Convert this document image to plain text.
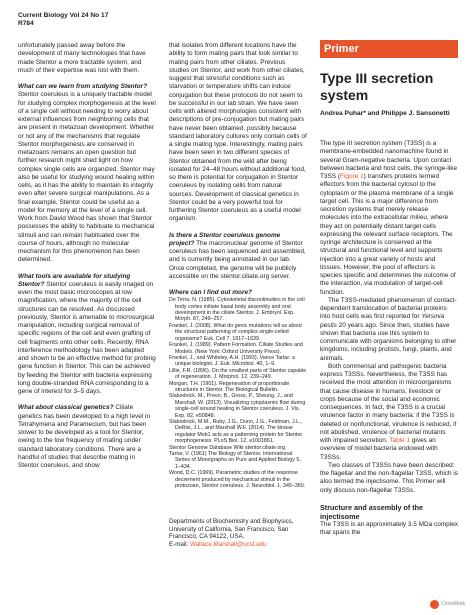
Current Biology Vol 24 No 17
R784

unfortunately passed away before the development of many technologies that have made Stentor a more tractable system, and much of their expertise was lost with them.

What can we learn from studying Stentor? Stentor coeruleus is a uniquely tractable model for studying complex morphogenesis at the level of a single cell without needing to worry about external influences from neighboring cells that are present in metazoan development. Whether or not any of the mechanisms that regulate Stentor morphogenesis are conserved in metazoans remains an open question but further research might shed light on how complex single cells are organized. Stentor may also be useful for studying wound healing within cells, as it has the ability to maintain its integrity even after severe surgical manipulations. As a final example, Stentor could be useful as a model for memory at the level of a single cell. Work from David Wood has shown that Stentor possesses the ability to habituate to mechanical stimuli and can remain habituated over the course of hours, although no molecular mechanism for this phenomenon has been determined.

What tools are available for studying Stentor? Stentor coeruleus is easily imaged on even the most basic microscopes at low magnification, where the majority of the cell structures can be resolved. As discussed previously, Stentor is amenable to microsurgical manipulation, including surgical removal of specific regions of the cell and even grafting of cell fragments onto other cells. Recently, RNA interference methodology has been adapted and shown to be an effective method for probing gene function in Stentor. This can be achieved by feeding the Stentor with bacteria expressing long double-stranded RNA corresponding to a gene of interest for 3–5 days.

What about classical genetics? Ciliate genetics has been developed to a high level in Tetrahymena and Paramecium, but has been slower to be developed as a tool for Stentor, owing to the low frequency of mating under standard laboratory conditions. There are a handful of studies that describe mating in Stentor coeruleus, and show

that isolates from different locations have the ability to form mating pairs that look similar to mating pairs from other ciliates. Previous studies on Stentor, and work from other ciliates, suggest that stressful conditions such as starvation or temperature shifts can induce conjugation but these protocols do not seem to be successful in our lab strain. We have seen cells with altered morphologies consistent with descriptions of pre-conjugation but mating pairs have never been obtained, possibly because standard laboratory cultures only contain cells of a single mating type. Interestingly, mating pairs have been seen in two different species of Stentor obtained from the wild after being isolated for 24–48 hours without additional food, so there is potential for conjugation in Stentor coeruleus by isolating cells from natural sources. Development of classical genetics in Stentor could be a very powerful tool for furthering Stentor coeruleus as a useful model organism.

Is there a Stentor coeruleus genome project? The macronuclear genome of Stentor coeruleus has been sequenced and assembled, and is currently being annotated in our lab. Once completed, the genome will be publicly accessible on the stentor.ciliate.org server.

Where can I find out more?

De Terra, N. (1985). Cytoskeletal discontinuities in the cell body cortex initiate basal body assembly and oral development in the ciliate Stentor. J. Embryol. Exp. Morph. 87, 249–257.

Frankel, J. (2008). What do genic mutations tell us about the structural patterning of complex single-celled organisms? Euk. Cell 7, 1617–1639.

Frankel, J. (1989). Pattern Formation. Ciliate Studies and Models. (New York: Oxford University Press).

Frankel, J., and Whiteley, A.H. (1993). Vance Tartar: a unique biologist. J. Euk. Microbiol. 40, 1–9.

Lillie, F.R. (1896). On the smallest parts of Stentor capable of regeneration. J. Morphol. 12, 239–249.

Morgan, T.H. (1901). Regeneration of proportionate structures in Stentor. The Biological Bulletin.

Slabodnick, M., Prevo, B., Gross, P., Sheung, J., and Marshall, W. (2013). Visualizing cytoplasmic flow during single-cell wound healing in Stentor coeruleus. J. Vis. Exp. 82, e50848.

Slabodnick, M.M., Ruby, J.G., Dunn, J.G., Feldman, J.L., DeRisi, J.L., and Marshall W.F. (2014). The kinase regulator Mob1 acts as a patterning protein for Stentor morphogenesis. PLoS Biol. 12, e1001861.

Stentor Genome Database Wiki stentor.ciliate.org.

Tartar, V. (1961) The Biology of Stentor. International Series of Monographs on Pure and Applied Biology 5, 1–434.

Wood, D.C. (1969). Parametric studies of the response decrement produced by mechanical stimuli in the protozoan, Stentor coeruleus. J. Neurobiol. 1, 345–360.

Departments of Biochemistry and Biophysics,
University of California, San Francisco, San
Francisco, CA 94122, USA.
E-mail: Wallace.Marshall@ucsf.edu
Primer
Type III secretion system
Andrea Puhar* and Philippe J. Sansonetti

The type III secretion system (T3SS) is a membrane-embedded nanomachine found in several Gram-negative bacteria. Upon contact between bacteria and host cells, the syringe-like T3SS (Figure 1) transfers proteins termed effectors from the bacterial cytosol to the cytoplasm or the plasma membrane of a single target cell. This is a major difference from secretion systems that merely release molecules into the extracellular milieu, where they act on potentially distant target cells expressing the relevant surface receptors. The syringe architecture is conserved at the structural and functional level and supports injection into a great variety of hosts and tissues. However, the pool of effectors is species specific and determines the outcome of the interaction, via modulation of target-cell function.

The T3SS-mediated phenomenon of contact-dependent translocation of bacterial proteins into host cells was first reported for Yersinia pestis 20 years ago. Since then, studies have shown that bacteria use this system to communicate with organisms belonging to other kingdoms, including protists, fungi, plants, and animals.

Both commensal and pathogenic bacteria express T3SSs. Nevertheless, the T3SS has received the most attention in microorganisms that cause disease in humans, livestock or crops because of the social and economic consequences. In fact, the T3SS is a crucial virulence factor in many bacteria: if the T3SS is deleted or nonfunctional, virulence is reduced, if not abolished, virulence of bacterial mutants with impaired secretion. Table 1 gives an overview of model bacteria endowed with T3SSs.

Two classes of T3SSs have been described: the flagellar and the non-flagellar T3SS, which is also termed the injectisome. This Primer will only discuss non-flagellar T3SSs.

Structure and assembly of the injectisome

The T3SS is an approximately 3.5 MDa complex that spans the

CrossMark
